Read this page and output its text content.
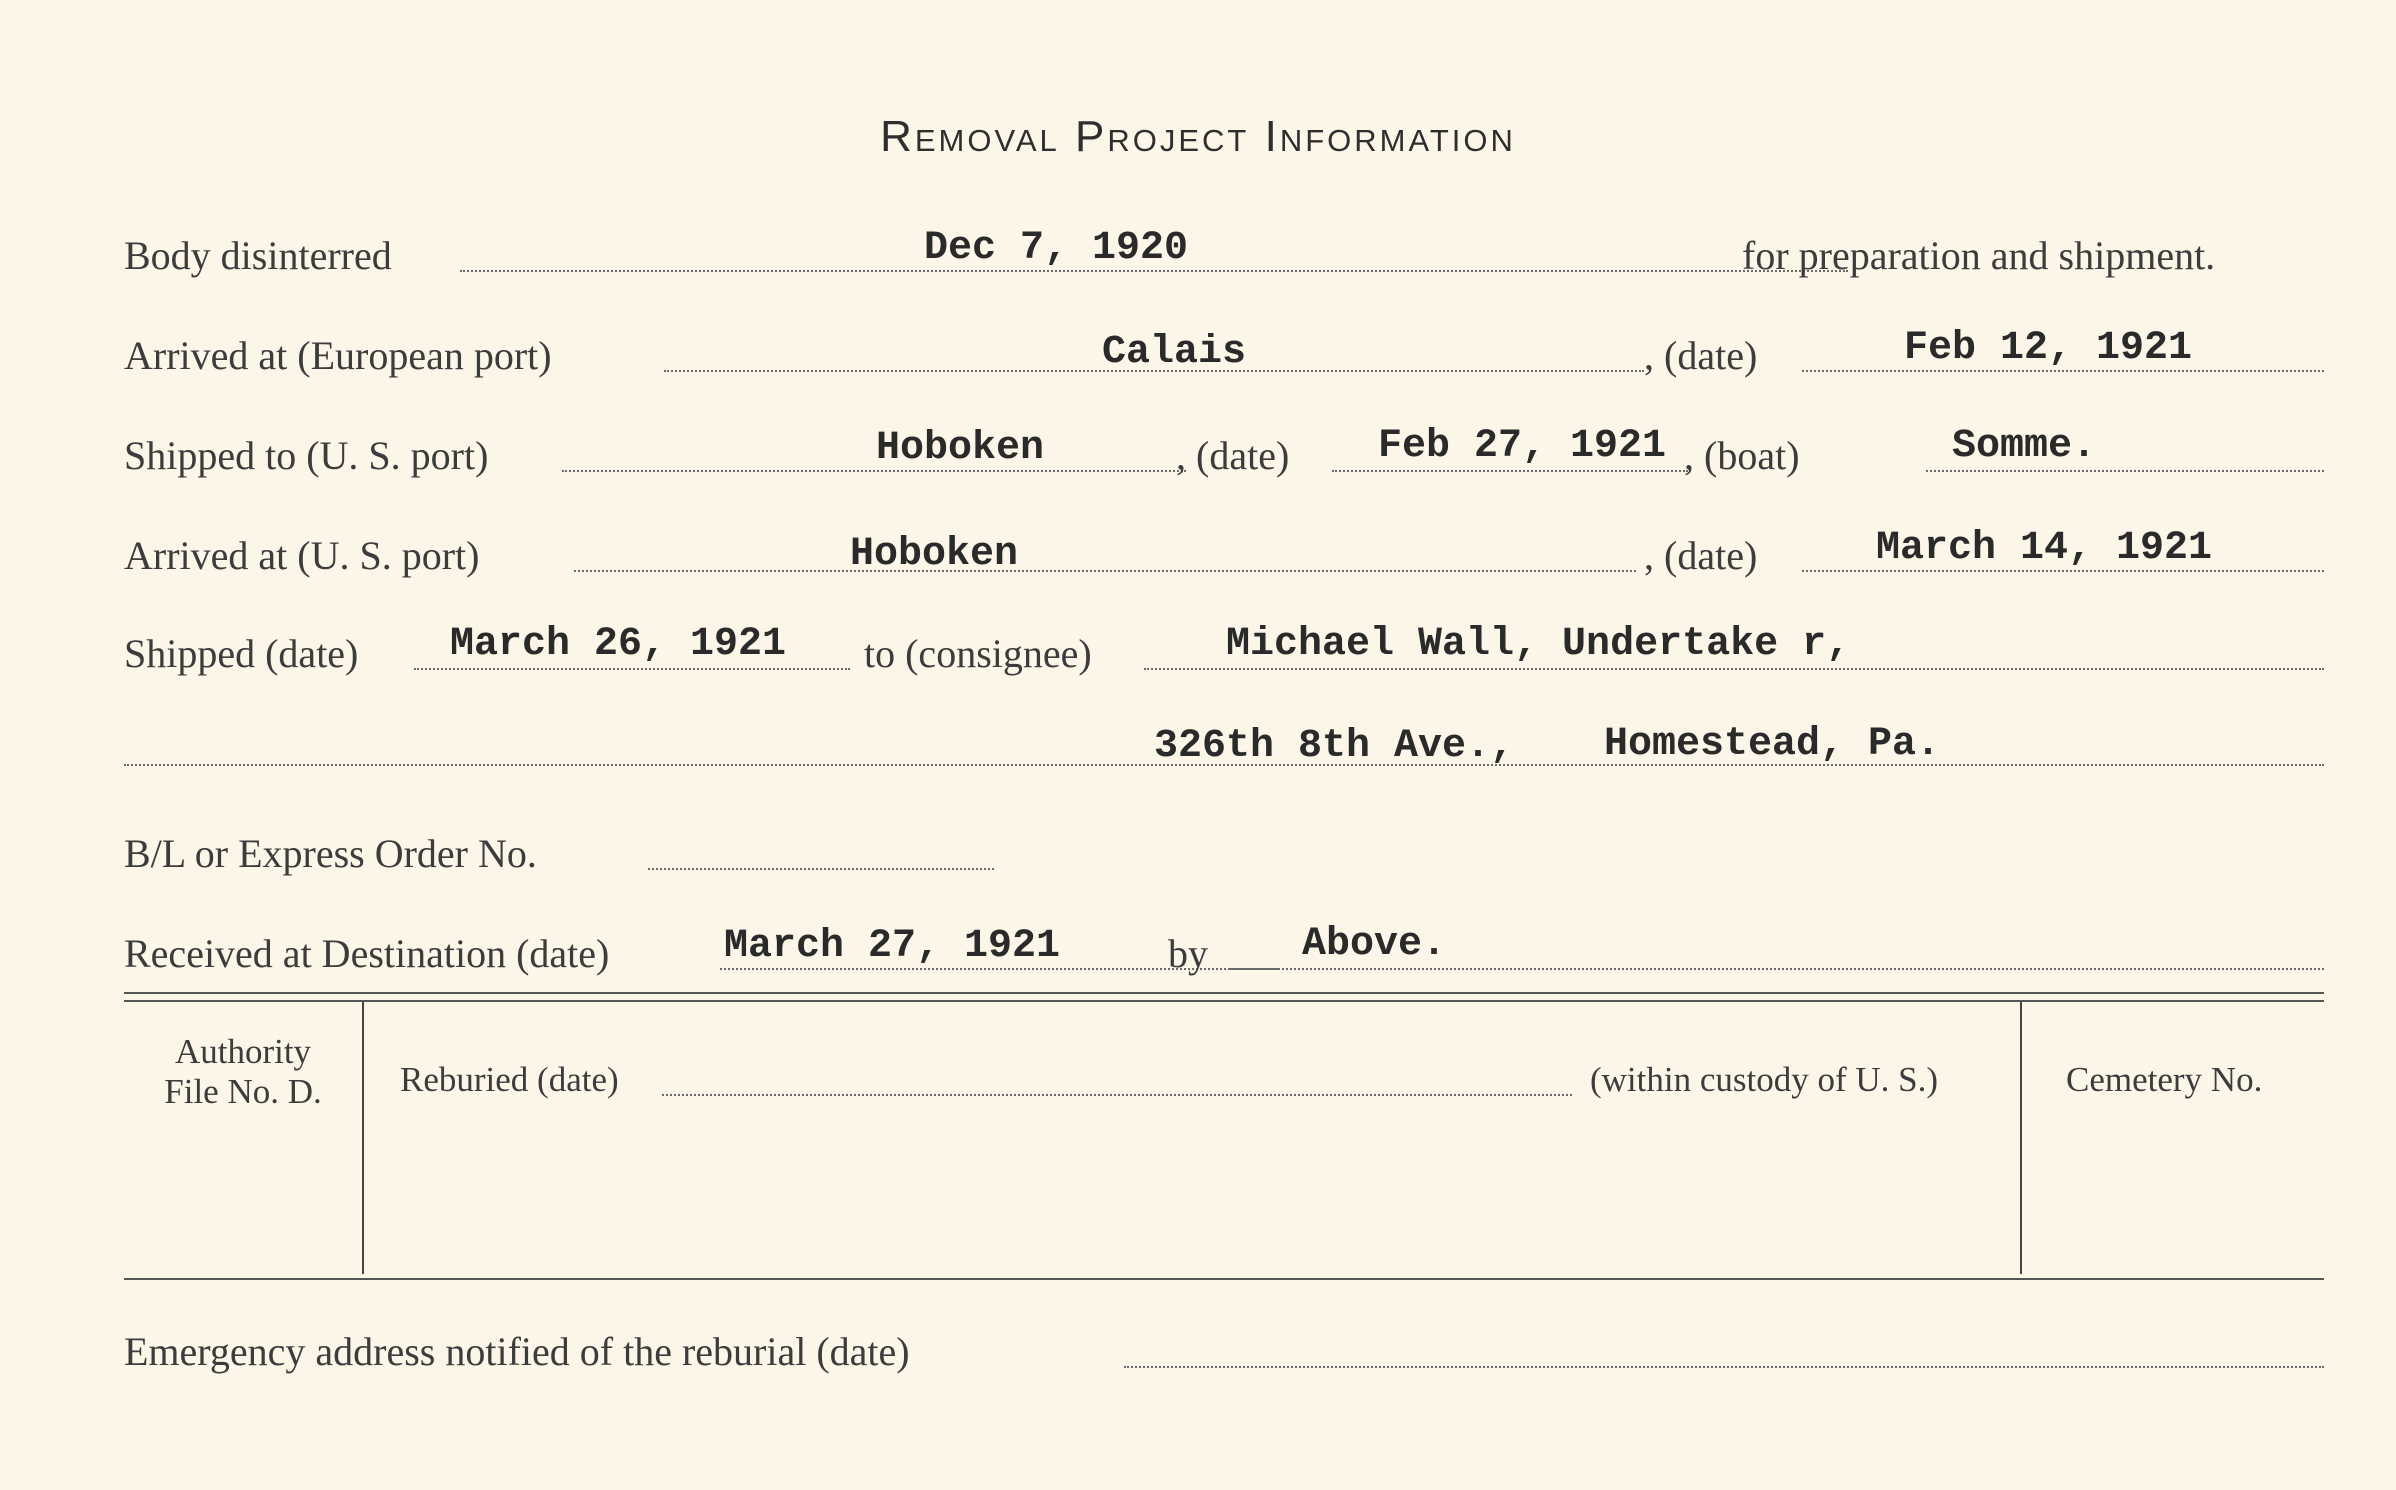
Removal Project Information
Body disinterred	Dec 7, 1920	for preparation and shipment.
Arrived at (European port)	Calais	, (date)	Feb 12, 1921
Shipped to (U. S. port)	Hoboken	, (date) Feb 27, 1921 , (boat)	Somme.
Arrived at (U. S. port)	Hoboken	, (date)	March 14, 1921
Shipped (date) March 26, 1921 to (consignee)	Michael Wall, Undertake r,
326th 8th Ave., Homestead, Pa.
B/L or Express Order No.
Received at Destination (date)	March 27, 1921	by Above.
Authority
File No. D.	Reburied (date)	(within custody of U. S.)	Cemetery No.
Emergency address notified of the reburial (date)
